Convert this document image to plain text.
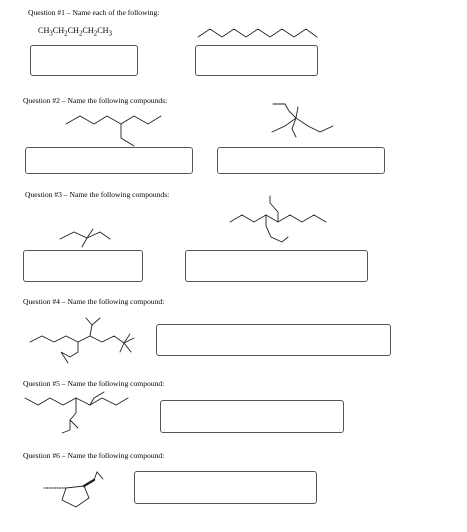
Question #1 – Name each of the following:
$CH_3CH_2CH_2CH_2CH_3$
Question #2 – Name the following compounds:
Question #3 – Name the following compounds:
Question #4 – Name the following compound:
Question #5 – Name the following compound:
Question #6 – Name the following compound:
